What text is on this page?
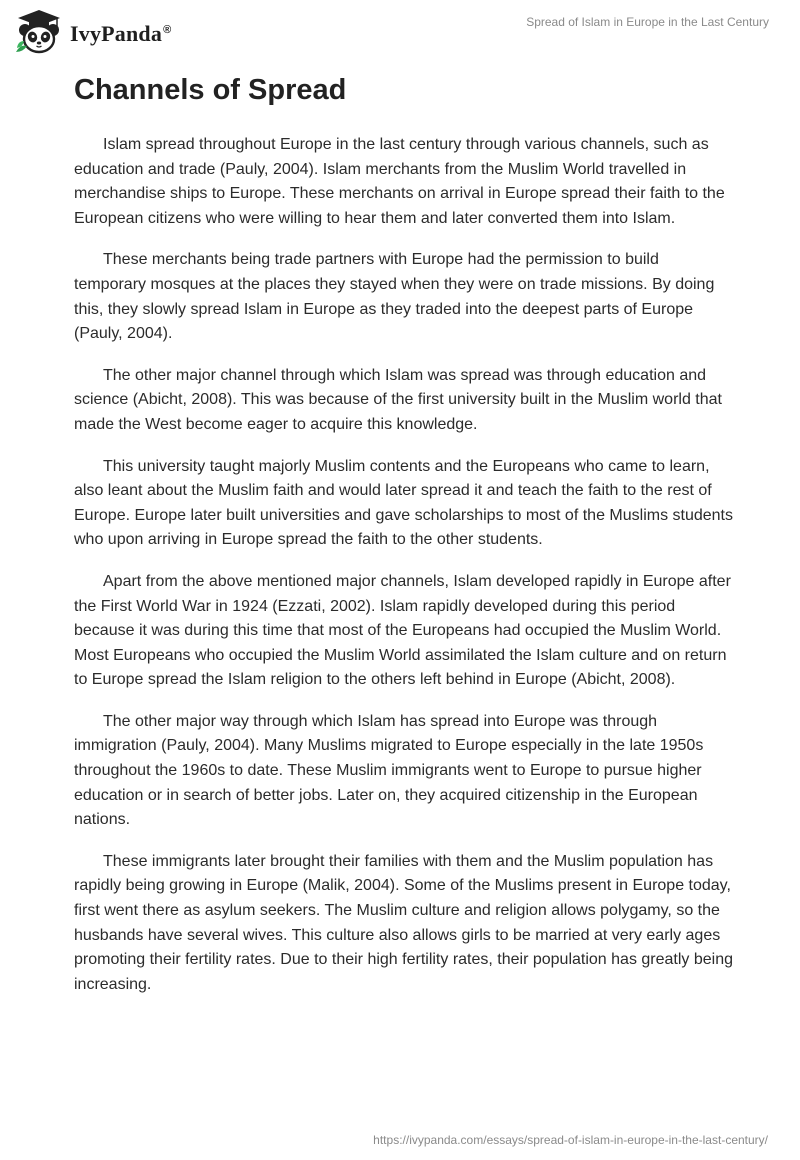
IvyPanda®
Spread of Islam in Europe in the Last Century
Channels of Spread

Islam spread throughout Europe in the last century through various channels, such as education and trade (Pauly, 2004). Islam merchants from the Muslim World travelled in merchandise ships to Europe. These merchants on arrival in Europe spread their faith to the European citizens who were willing to hear them and later converted them into Islam.

These merchants being trade partners with Europe had the permission to build temporary mosques at the places they stayed when they were on trade missions. By doing this, they slowly spread Islam in Europe as they traded into the deepest parts of Europe (Pauly, 2004).

The other major channel through which Islam was spread was through education and science (Abicht, 2008). This was because of the first university built in the Muslim world that made the West become eager to acquire this knowledge.

This university taught majorly Muslim contents and the Europeans who came to learn, also leant about the Muslim faith and would later spread it and teach the faith to the rest of Europe. Europe later built universities and gave scholarships to most of the Muslims students who upon arriving in Europe spread the faith to the other students.

Apart from the above mentioned major channels, Islam developed rapidly in Europe after the First World War in 1924 (Ezzati, 2002). Islam rapidly developed during this period because it was during this time that most of the Europeans had occupied the Muslim World. Most Europeans who occupied the Muslim World assimilated the Islam culture and on return to Europe spread the Islam religion to the others left behind in Europe (Abicht, 2008).

The other major way through which Islam has spread into Europe was through immigration (Pauly, 2004). Many Muslims migrated to Europe especially in the late 1950s throughout the 1960s to date. These Muslim immigrants went to Europe to pursue higher education or in search of better jobs. Later on, they acquired citizenship in the European nations.

These immigrants later brought their families with them and the Muslim population has rapidly being growing in Europe (Malik, 2004). Some of the Muslims present in Europe today, first went there as asylum seekers. The Muslim culture and religion allows polygamy, so the husbands have several wives. This culture also allows girls to be married at very early ages promoting their fertility rates. Due to their high fertility rates, their population has greatly being increasing.

https://ivypanda.com/essays/spread-of-islam-in-europe-in-the-last-century/
